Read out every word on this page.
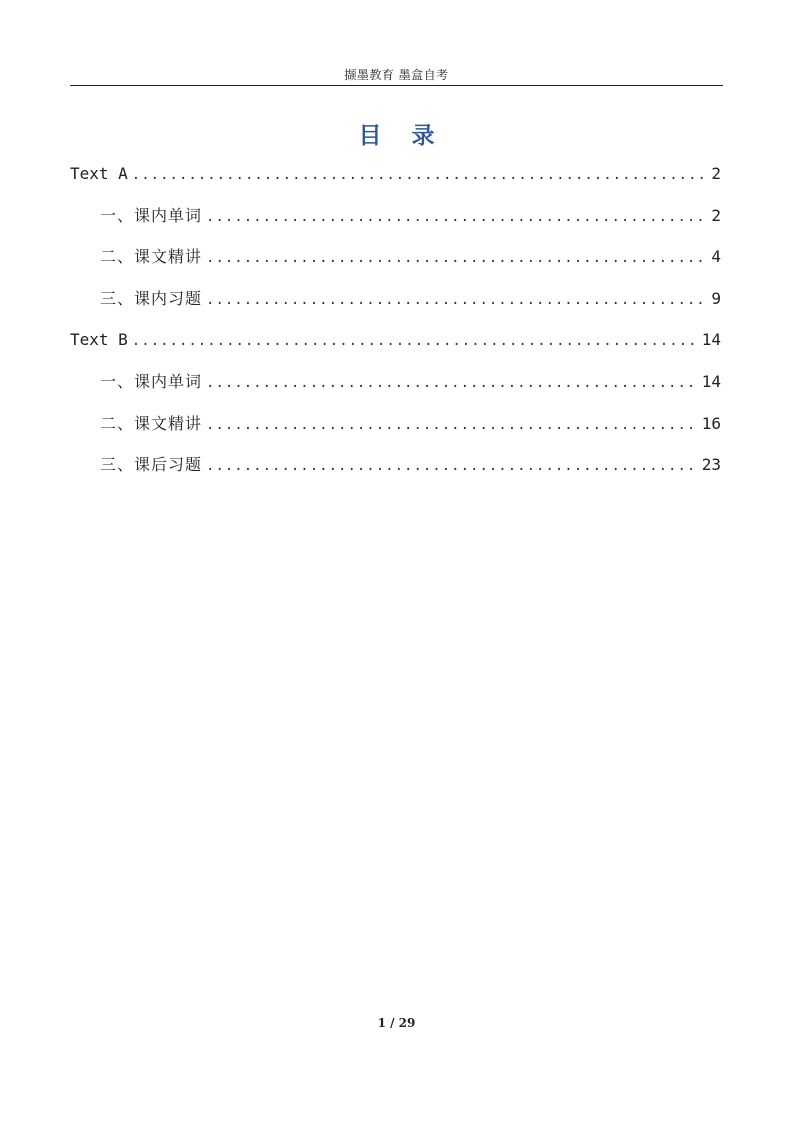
撷墨教育 墨盒自考
目 录
Text A .....	2
一、课内单词 .....	2
二、课文精讲 .....	4
三、课内习题 .....	9
Text B .....	14
一、课内单词 .....	14
二、课文精讲 .....	16
三、课后习题 .....	23
1 / 29
